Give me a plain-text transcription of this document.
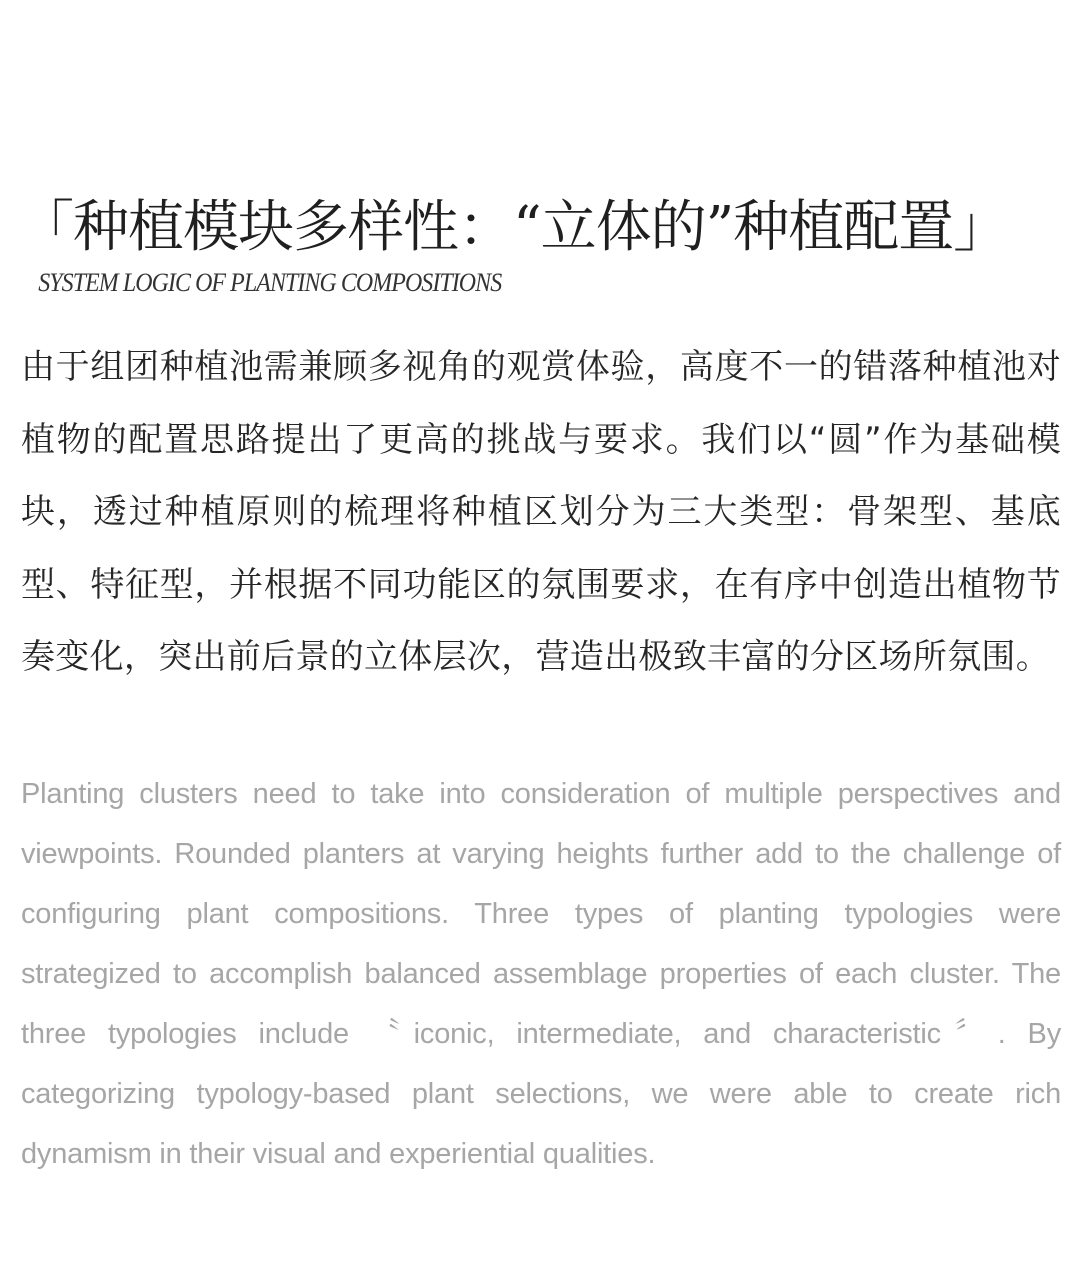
「种植模块多样性：“立体的”种植配置」
SYSTEM LOGIC OF PLANTING COMPOSITIONS

由于组团种植池需兼顾多视角的观赏体验，高度不一的错落种植池对植物的配置思路提出了更高的挑战与要求。我们以“圆”作为基础模块，透过种植原则的梳理将种植区划分为三大类型：骨架型、基底型、特征型，并根据不同功能区的氛围要求，在有序中创造出植物节奏变化，突出前后景的立体层次，营造出极致丰富的分区场所氛围。

Planting clusters need to take into consideration of multiple perspectives and viewpoints. Rounded planters at varying heights further add to the challenge of configuring plant compositions. Three types of planting typologies were strategized to accomplish balanced assemblage properties of each cluster. The three typologies include 〝iconic, intermediate, and characteristic〞. By categorizing typology-based plant selections, we were able to create rich dynamism in their visual and experiential qualities.
